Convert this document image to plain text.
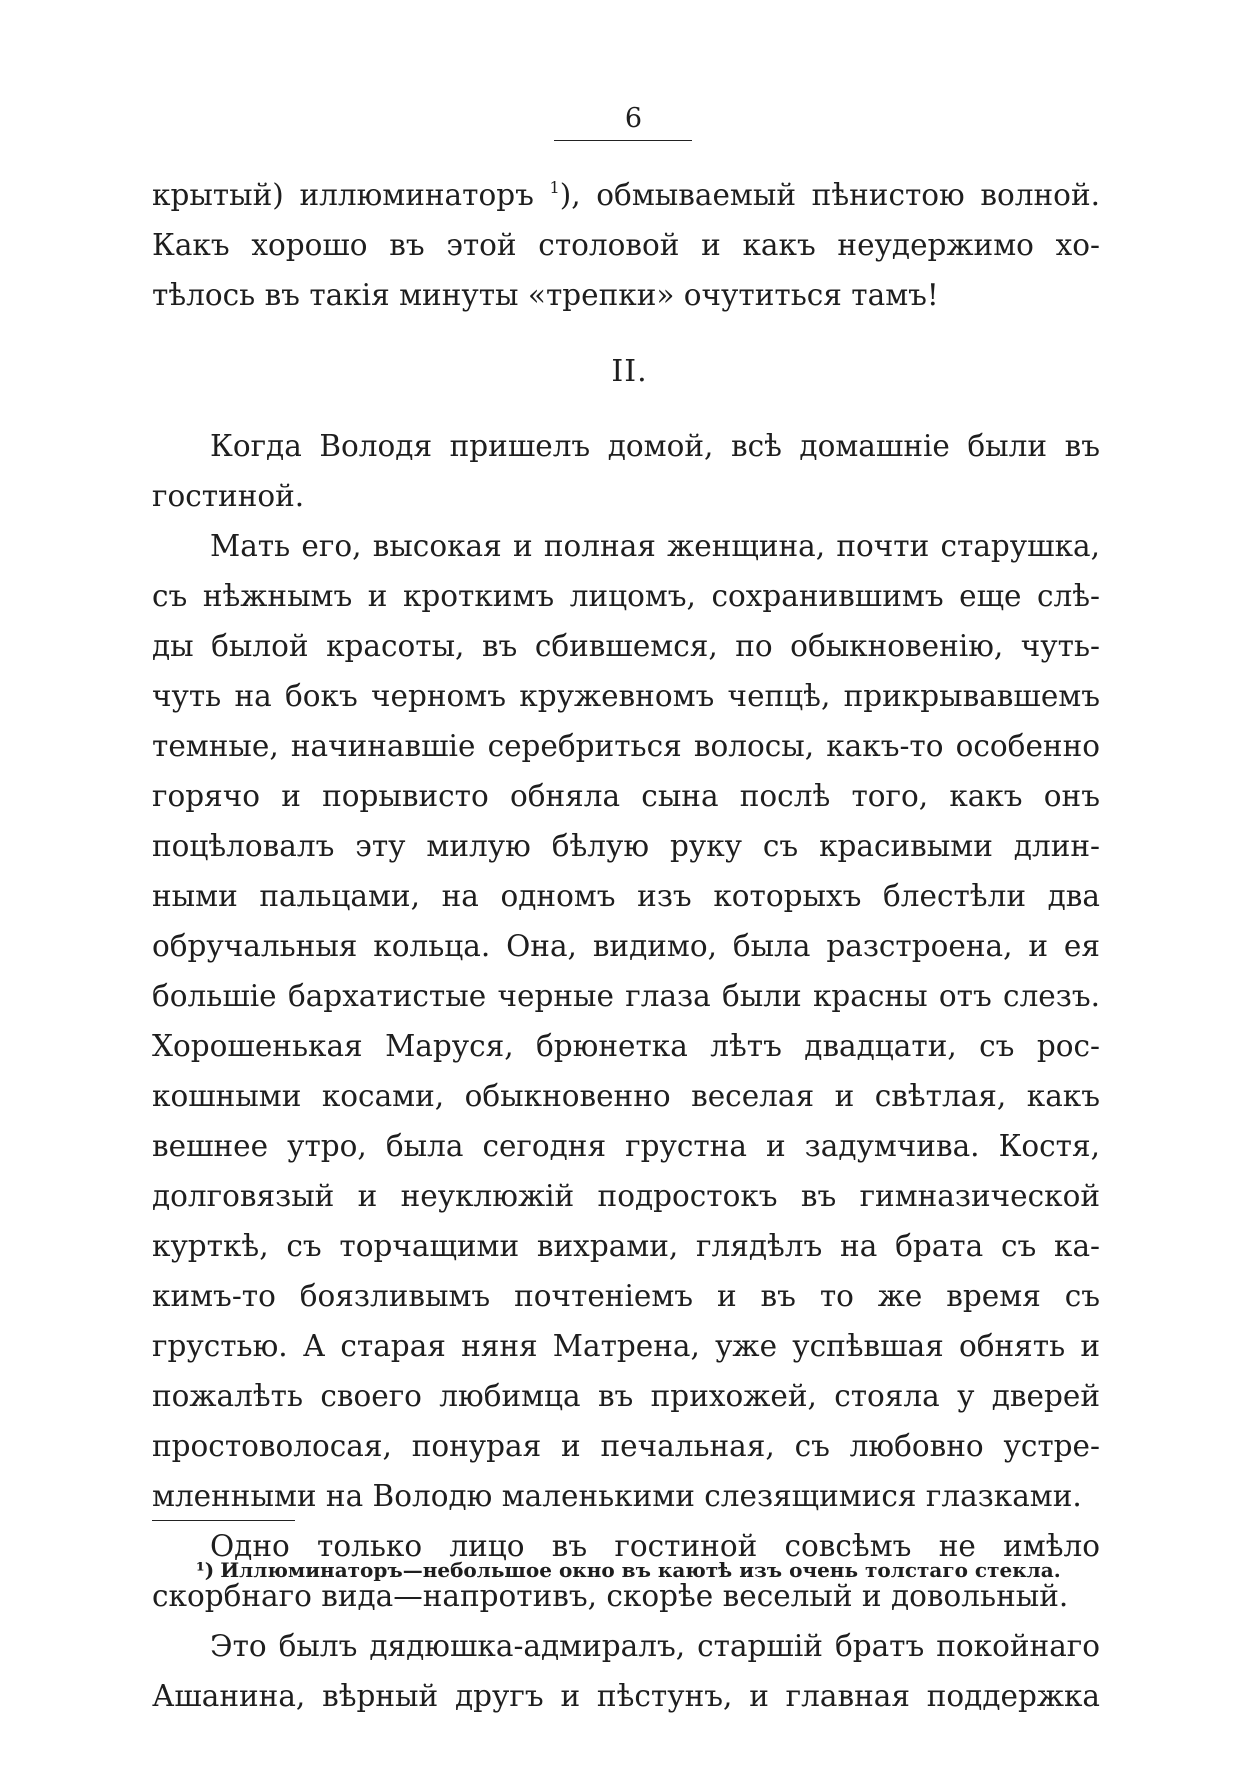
6
крытый) иллюминаторъ $^1$), обмываемый пѣнистою волной.
Какъ хорошо въ этой столовой и какъ неудержимо хо-
тѣлось въ такія минуты «трепки» очутиться тамъ!
II.
Когда Володя пришелъ домой, всѣ домашніе были въ
гостиной.
Мать его, высокая и полная женщина, почти старушка,
съ нѣжнымъ и кроткимъ лицомъ, сохранившимъ еще слѣ-
ды былой красоты, въ сбившемся, по обыкновенію, чуть-
чуть на бокъ черномъ кружевномъ чепцѣ, прикрывавшемъ
темные, начинавшіе серебриться волосы, какъ-то особенно
горячо и порывисто обняла сына послѣ того, какъ онъ
поцѣловалъ эту милую бѣлую руку съ красивыми длин-
ными пальцами, на одномъ изъ которыхъ блестѣли два
обручальныя кольца. Она, видимо, была разстроена, и ея
большіе бархатистые черные глаза были красны отъ слезъ.
Хорошенькая Маруся, брюнетка лѣтъ двадцати, съ рос-
кошными косами, обыкновенно веселая и свѣтлая, какъ
вешнее утро, была сегодня грустна и задумчива. Костя,
долговязый и неуклюжій подростокъ въ гимназической
курткѣ, съ торчащими вихрами, глядѣлъ на брата съ ка-
кимъ-то боязливымъ почтеніемъ и въ то же время съ
грустью. А старая няня Матрена, уже успѣвшая обнять и
пожалѣть своего любимца въ прихожей, стояла у дверей
простоволосая, понурая и печальная, съ любовно устре-
мленными на Володю маленькими слезящимися глазками.
Одно только лицо въ гостиной совсѣмъ не имѣло
скорбнаго вида—напротивъ, скорѣе веселый и довольный.
Это былъ дядюшка-адмиралъ, старшій братъ покойнаго
Ашанина, вѣрный другъ и пѣстунъ, и главная поддержка
¹) Иллюминаторъ—небольшое окно въ каютѣ изъ очень толстаго стекла.
